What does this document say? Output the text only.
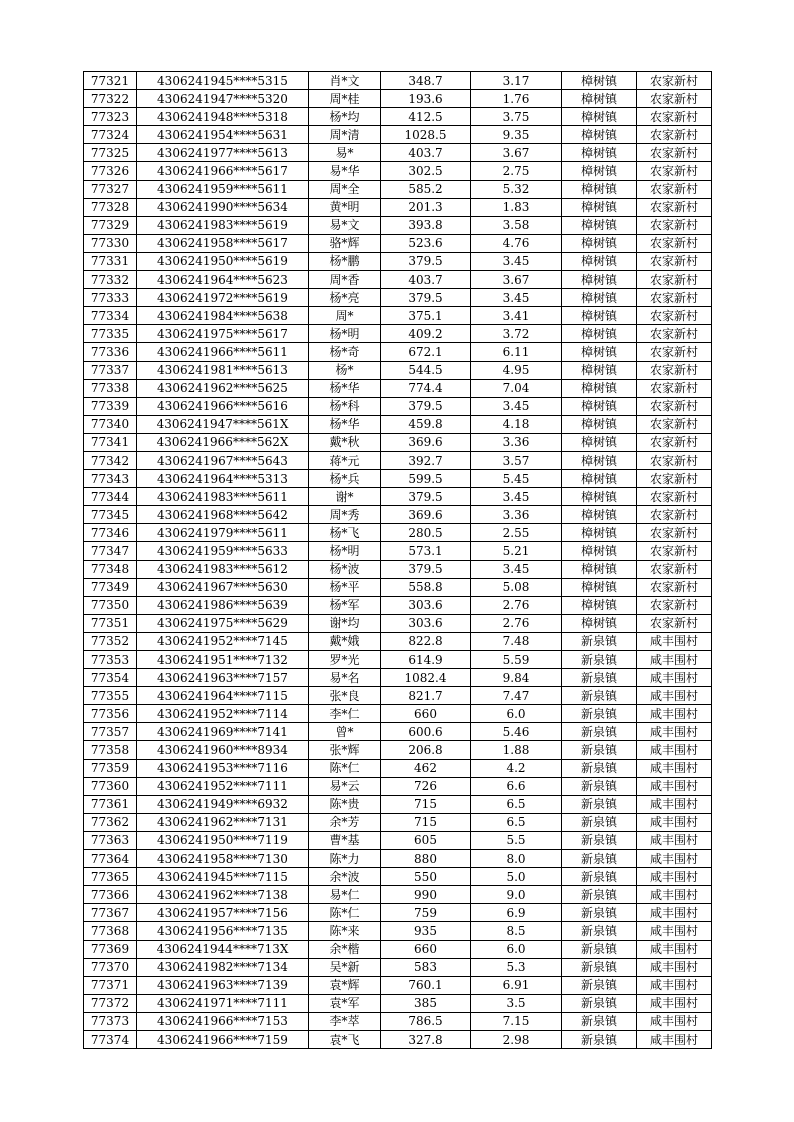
77321	4306241945****5315	肖*文	348.7	3.17	樟树镇	农家新村
77322	4306241947****5320	周*桂	193.6	1.76	樟树镇	农家新村
77323	4306241948****5318	杨*均	412.5	3.75	樟树镇	农家新村
77324	4306241954****5631	周*清	1028.5	9.35	樟树镇	农家新村
77325	4306241977****5613	易*	403.7	3.67	樟树镇	农家新村
77326	4306241966****5617	易*华	302.5	2.75	樟树镇	农家新村
77327	4306241959****5611	周*全	585.2	5.32	樟树镇	农家新村
77328	4306241990****5634	黄*明	201.3	1.83	樟树镇	农家新村
77329	4306241983****5619	易*文	393.8	3.58	樟树镇	农家新村
77330	4306241958****5617	骆*辉	523.6	4.76	樟树镇	农家新村
77331	4306241950****5619	杨*鹏	379.5	3.45	樟树镇	农家新村
77332	4306241964****5623	周*香	403.7	3.67	樟树镇	农家新村
77333	4306241972****5619	杨*亮	379.5	3.45	樟树镇	农家新村
77334	4306241984****5638	周*	375.1	3.41	樟树镇	农家新村
77335	4306241975****5617	杨*明	409.2	3.72	樟树镇	农家新村
77336	4306241966****5611	杨*奇	672.1	6.11	樟树镇	农家新村
77337	4306241981****5613	杨*	544.5	4.95	樟树镇	农家新村
77338	4306241962****5625	杨*华	774.4	7.04	樟树镇	农家新村
77339	4306241966****5616	杨*科	379.5	3.45	樟树镇	农家新村
77340	4306241947****561X	杨*华	459.8	4.18	樟树镇	农家新村
77341	4306241966****562X	戴*秋	369.6	3.36	樟树镇	农家新村
77342	4306241967****5643	蒋*元	392.7	3.57	樟树镇	农家新村
77343	4306241964****5313	杨*兵	599.5	5.45	樟树镇	农家新村
77344	4306241983****5611	谢*	379.5	3.45	樟树镇	农家新村
77345	4306241968****5642	周*秀	369.6	3.36	樟树镇	农家新村
77346	4306241979****5611	杨*飞	280.5	2.55	樟树镇	农家新村
77347	4306241959****5633	杨*明	573.1	5.21	樟树镇	农家新村
77348	4306241983****5612	杨*波	379.5	3.45	樟树镇	农家新村
77349	4306241967****5630	杨*平	558.8	5.08	樟树镇	农家新村
77350	4306241986****5639	杨*军	303.6	2.76	樟树镇	农家新村
77351	4306241975****5629	谢*均	303.6	2.76	樟树镇	农家新村
77352	4306241952****7145	戴*娥	822.8	7.48	新泉镇	咸丰围村
77353	4306241951****7132	罗*光	614.9	5.59	新泉镇	咸丰围村
77354	4306241963****7157	易*名	1082.4	9.84	新泉镇	咸丰围村
77355	4306241964****7115	张*良	821.7	7.47	新泉镇	咸丰围村
77356	4306241952****7114	李*仁	660	6.0	新泉镇	咸丰围村
77357	4306241969****7141	曾*	600.6	5.46	新泉镇	咸丰围村
77358	4306241960****8934	张*辉	206.8	1.88	新泉镇	咸丰围村
77359	4306241953****7116	陈*仁	462	4.2	新泉镇	咸丰围村
77360	4306241952****7111	易*云	726	6.6	新泉镇	咸丰围村
77361	4306241949****6932	陈*贵	715	6.5	新泉镇	咸丰围村
77362	4306241962****7131	余*芳	715	6.5	新泉镇	咸丰围村
77363	4306241950****7119	曹*基	605	5.5	新泉镇	咸丰围村
77364	4306241958****7130	陈*力	880	8.0	新泉镇	咸丰围村
77365	4306241945****7115	余*波	550	5.0	新泉镇	咸丰围村
77366	4306241962****7138	易*仁	990	9.0	新泉镇	咸丰围村
77367	4306241957****7156	陈*仁	759	6.9	新泉镇	咸丰围村
77368	4306241956****7135	陈*来	935	8.5	新泉镇	咸丰围村
77369	4306241944****713X	余*楷	660	6.0	新泉镇	咸丰围村
77370	4306241982****7134	吴*新	583	5.3	新泉镇	咸丰围村
77371	4306241963****7139	袁*辉	760.1	6.91	新泉镇	咸丰围村
77372	4306241971****7111	袁*军	385	3.5	新泉镇	咸丰围村
77373	4306241966****7153	李*萃	786.5	7.15	新泉镇	咸丰围村
77374	4306241966****7159	袁*飞	327.8	2.98	新泉镇	咸丰围村
